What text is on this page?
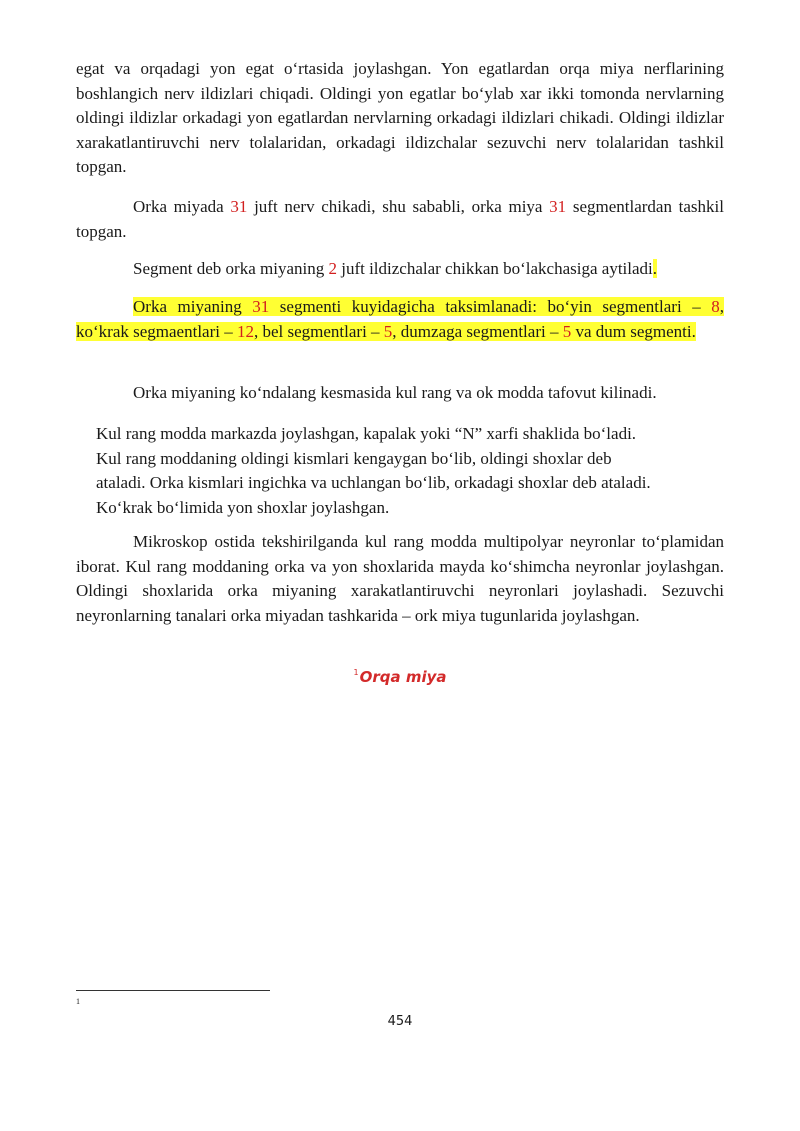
egat va orqadagi yon egat o‘rtasida joylashgan. Yon egatlardan orqa miya nerflarining boshlangich nerv ildizlari chiqadi. Oldingi yon egatlar bo‘ylab xar ikki tomonda nervlarning oldingi ildizlar orkadagi yon egatlardan nervlarning orkadagi ildizlari chikadi. Oldingi ildizlar xarakatlantiruvchi nerv tolalaridan, orkadagi ildizchalar sezuvchi nerv tolalaridan tashkil topgan.

Orka miyada 31 juft nerv chikadi, shu sababli, orka miya 31 segmentlardan tashkil topgan.

Segment deb orka miyaning 2 juft ildizchalar chikkan bo‘lakchasiga aytiladi.

Orka miyaning 31 segmenti kuyidagicha taksimlanadi: bo‘yin segmentlari – 8, ko‘krak segmaentlari – 12, bel segmentlari – 5, dumzaga segmentlari – 5 va dum segmenti.

Orka miyaning ko‘ndalang kesmasida kul rang va ok modda tafovut kilinadi.

Kul rang modda markazda joylashgan, kapalak yoki “N” xarfi shaklida bo‘ladi.
Kul rang moddaning oldingi kismlari kengaygan bo‘lib, oldingi shoxlar deb
ataladi. Orka kismlari ingichka va uchlangan bo‘lib, orkadagi shoxlar deb ataladi.
Ko‘krak bo‘limida yon shoxlar joylashgan.

Mikroskop ostida tekshirilganda kul rang modda multipolyar neyronlar to‘plamidan iborat. Kul rang moddaning orka va yon shoxlarida mayda ko‘shimcha neyronlar joylashgan. Oldingi shoxlarida orka miyaning xarakatlantiruvchi neyronlari joylashadi. Sezuvchi neyronlarning tanalari orka miyadan tashkarida – ork miya tugunlarida joylashgan.

$^1$Orqa miya
1
454
